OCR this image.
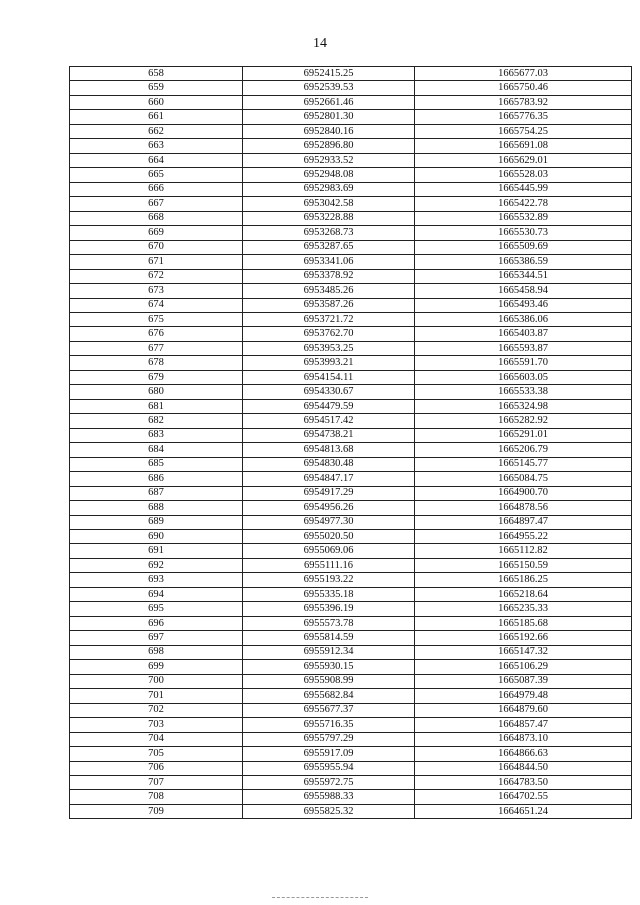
14
658	6952415.25	1665677.03
659	6952539.53	1665750.46
660	6952661.46	1665783.92
661	6952801.30	1665776.35
662	6952840.16	1665754.25
663	6952896.80	1665691.08
664	6952933.52	1665629.01
665	6952948.08	1665528.03
666	6952983.69	1665445.99
667	6953042.58	1665422.78
668	6953228.88	1665532.89
669	6953268.73	1665530.73
670	6953287.65	1665509.69
671	6953341.06	1665386.59
672	6953378.92	1665344.51
673	6953485.26	1665458.94
674	6953587.26	1665493.46
675	6953721.72	1665386.06
676	6953762.70	1665403.87
677	6953953.25	1665593.87
678	6953993.21	1665591.70
679	6954154.11	1665603.05
680	6954330.67	1665533.38
681	6954479.59	1665324.98
682	6954517.42	1665282.92
683	6954738.21	1665291.01
684	6954813.68	1665206.79
685	6954830.48	1665145.77
686	6954847.17	1665084.75
687	6954917.29	1664900.70
688	6954956.26	1664878.56
689	6954977.30	1664897.47
690	6955020.50	1664955.22
691	6955069.06	1665112.82
692	6955111.16	1665150.59
693	6955193.22	1665186.25
694	6955335.18	1665218.64
695	6955396.19	1665235.33
696	6955573.78	1665185.68
697	6955814.59	1665192.66
698	6955912.34	1665147.32
699	6955930.15	1665106.29
700	6955908.99	1665087.39
701	6955682.84	1664979.48
702	6955677.37	1664879.60
703	6955716.35	1664857.47
704	6955797.29	1664873.10
705	6955917.09	1664866.63
706	6955955.94	1664844.50
707	6955972.75	1664783.50
708	6955988.33	1664702.55
709	6955825.32	1664651.24
